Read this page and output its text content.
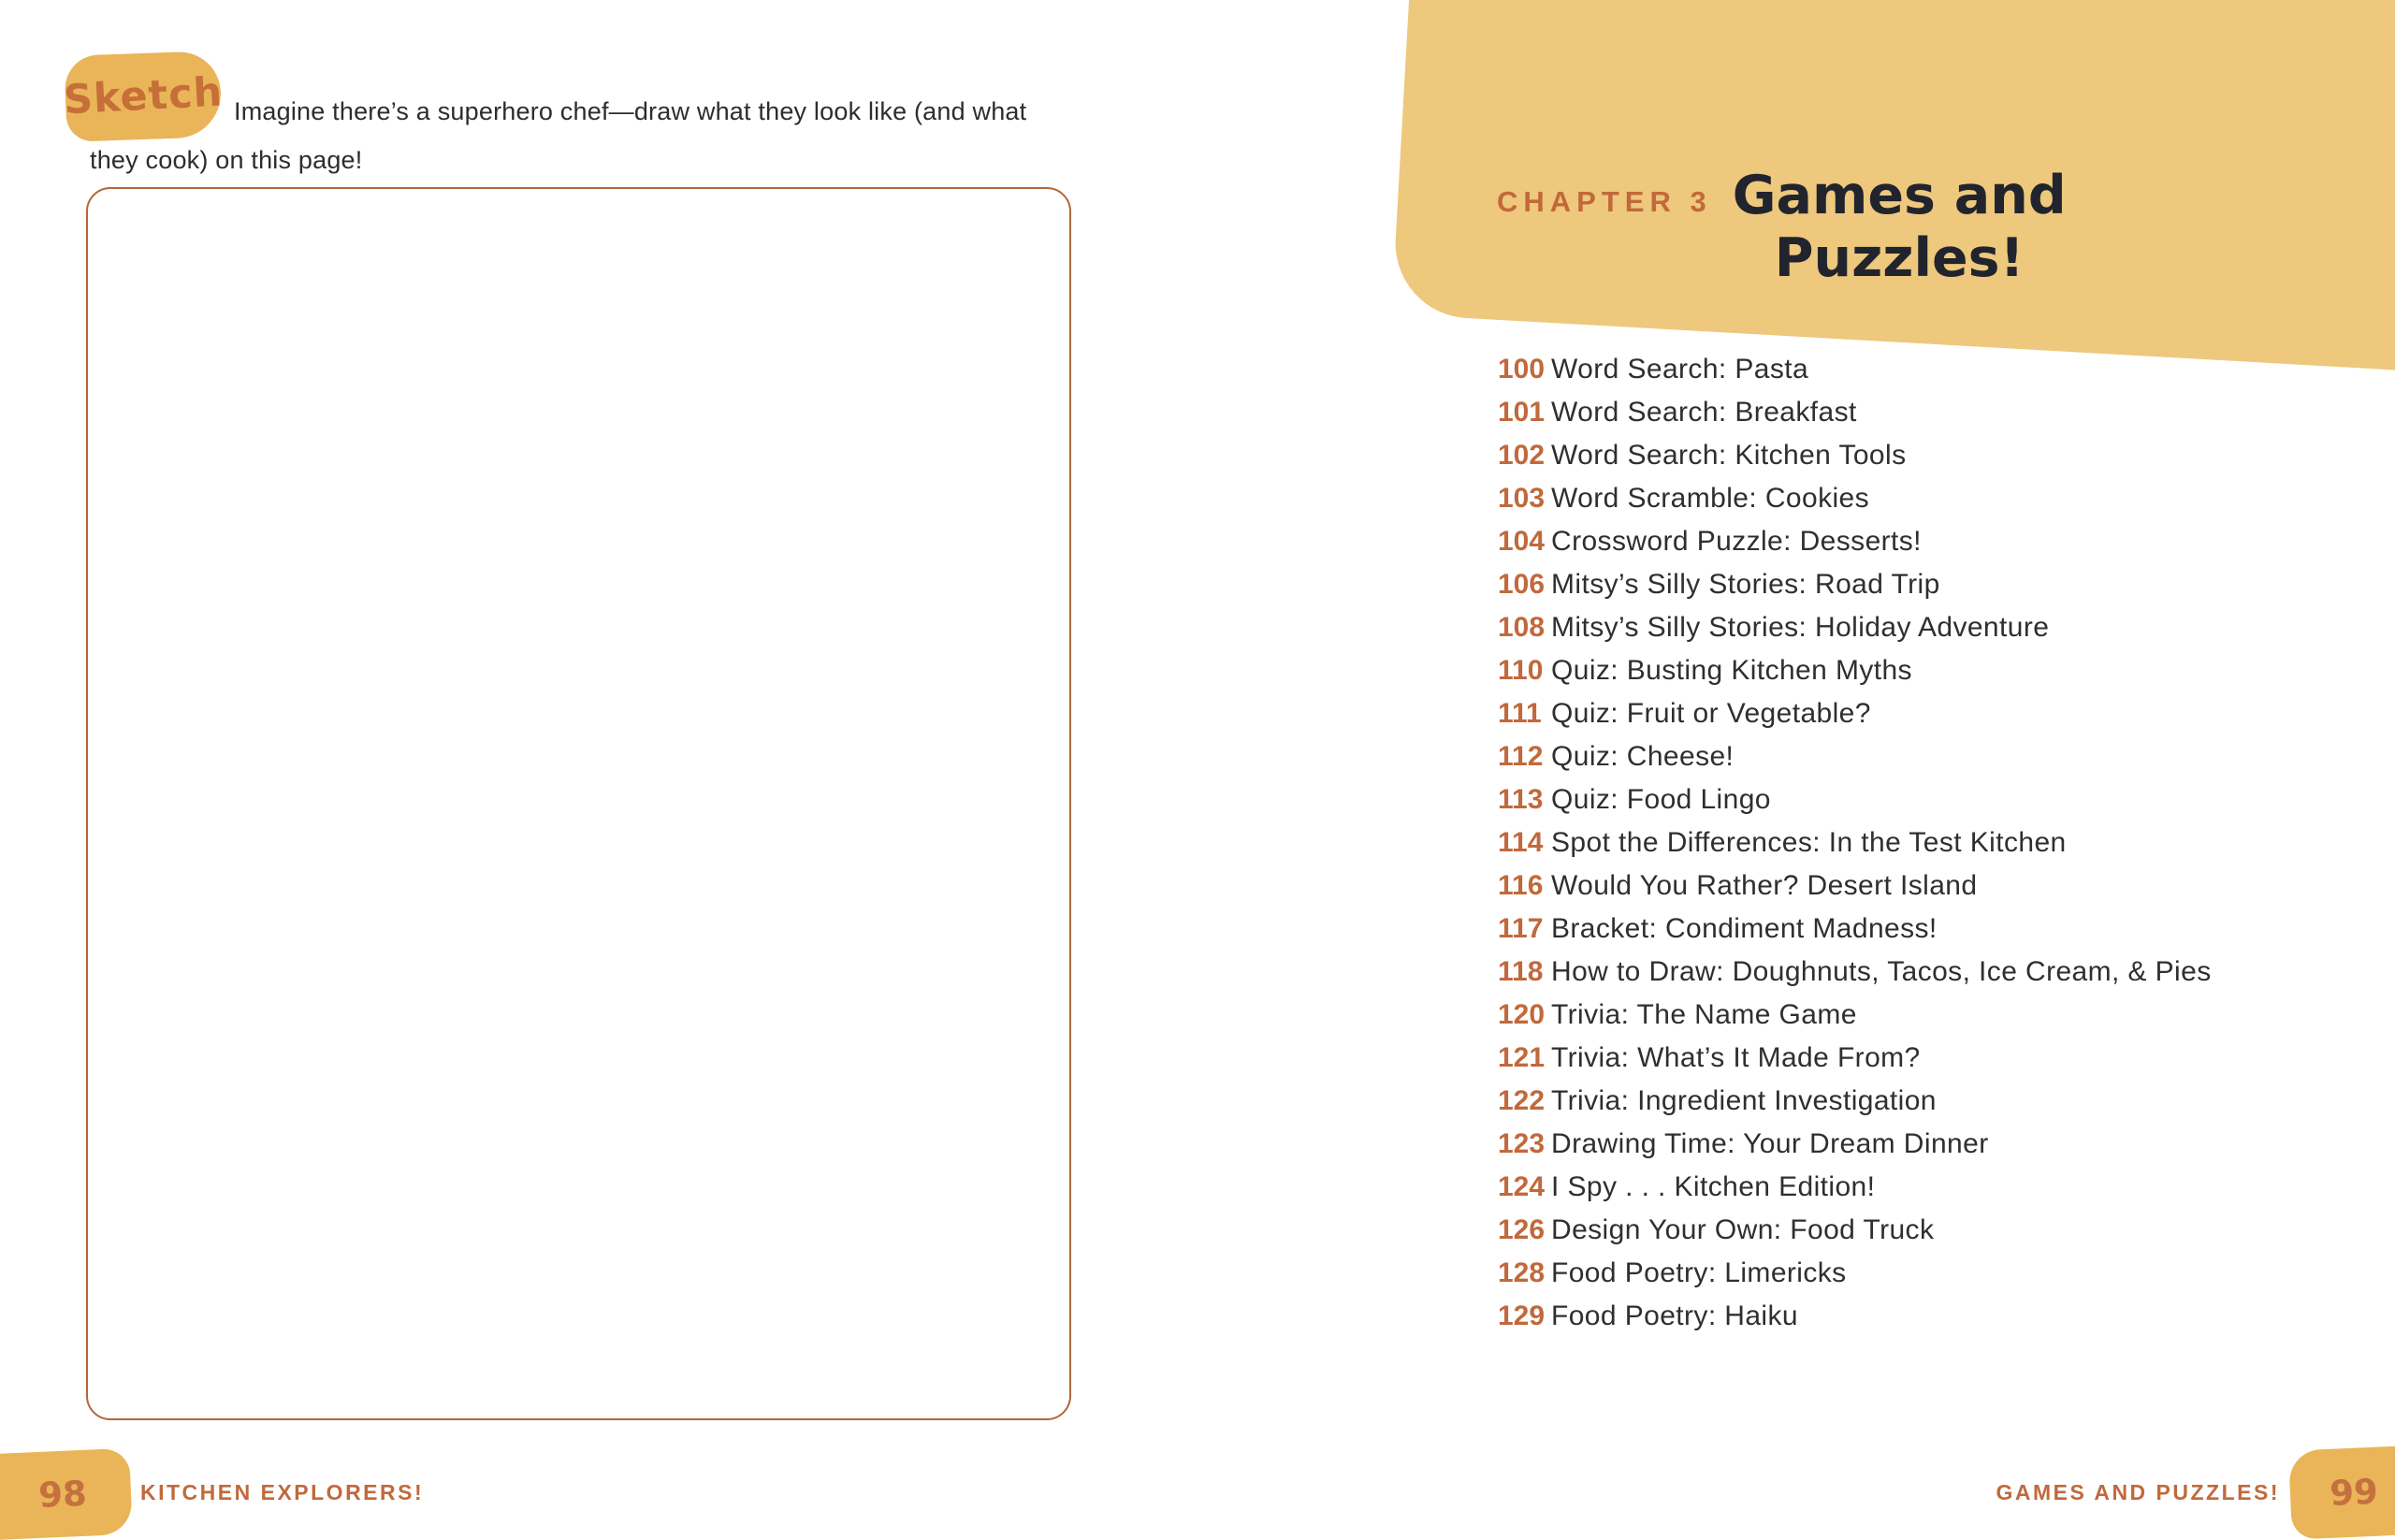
Sketch Imagine there’s a superhero chef—draw what they look like (and what
they cook) on this page!
98 KITCHEN EXPLORERS!
CHAPTER 3 Games and
Puzzles!
100 Word Search: Pasta
101 Word Search: Breakfast
102 Word Search: Kitchen Tools
103 Word Scramble: Cookies
104 Crossword Puzzle: Desserts!
106 Mitsy’s Silly Stories: Road Trip
108 Mitsy’s Silly Stories: Holiday Adventure
110 Quiz: Busting Kitchen Myths
111 Quiz: Fruit or Vegetable?
112 Quiz: Cheese!
113 Quiz: Food Lingo
114 Spot the Differences: In the Test Kitchen
116 Would You Rather? Desert Island
117 Bracket: Condiment Madness!
118 How to Draw: Doughnuts, Tacos, Ice Cream, & Pies
120 Trivia: The Name Game
121 Trivia: What’s It Made From?
122 Trivia: Ingredient Investigation
123 Drawing Time: Your Dream Dinner
124 I Spy . . . Kitchen Edition!
126 Design Your Own: Food Truck
128 Food Poetry: Limericks
129 Food Poetry: Haiku
GAMES AND PUZZLES! 99
